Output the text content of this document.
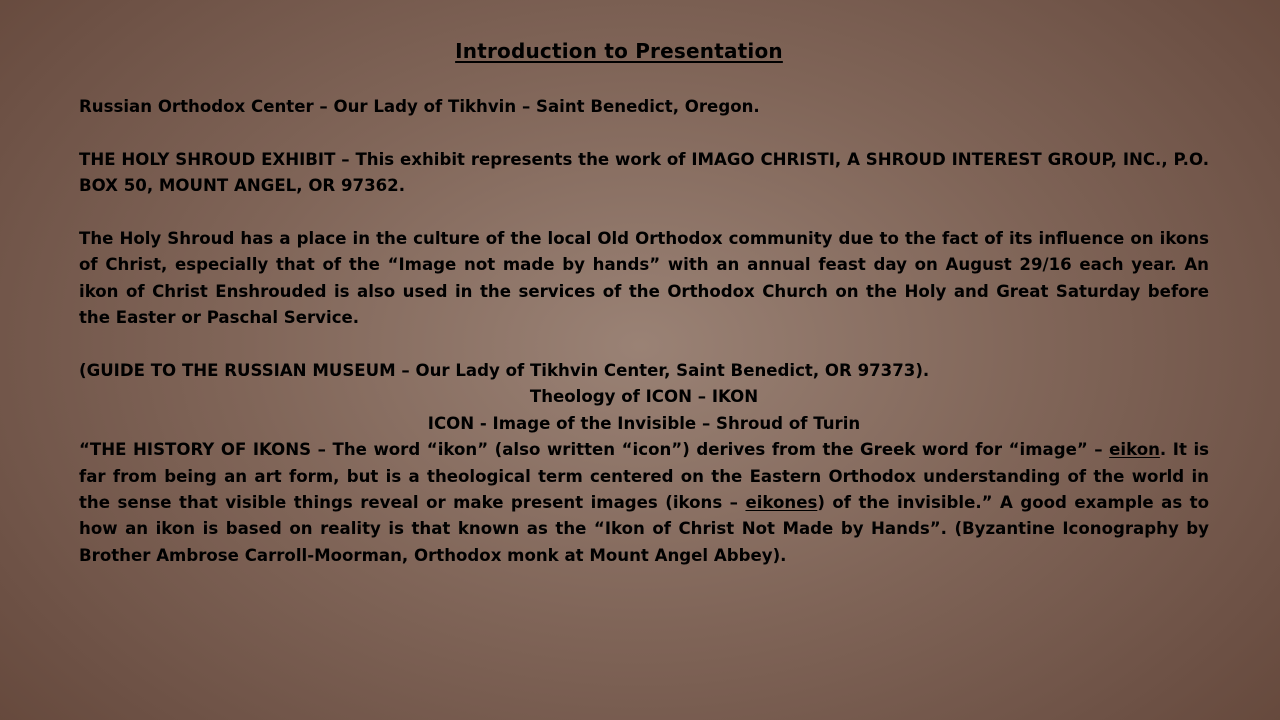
Introduction to Presentation

Russian Orthodox Center – Our Lady of Tikhvin – Saint Benedict, Oregon.

THE HOLY SHROUD EXHIBIT – This exhibit represents the work of IMAGO CHRISTI, A SHROUD INTEREST GROUP, INC., P.O. BOX 50, MOUNT ANGEL, OR 97362.

The Holy Shroud has a place in the culture of the local Old Orthodox community due to the fact of its influence on ikons of Christ, especially that of the “Image not made by hands” with an annual feast day on August 29/16 each year. An ikon of Christ Enshrouded is also used in the services of the Orthodox Church on the Holy and Great Saturday before the Easter or Paschal Service.

(GUIDE TO THE RUSSIAN MUSEUM – Our Lady of Tikhvin Center, Saint Benedict, OR 97373).

Theology of ICON – IKON

ICON - Image of the Invisible – Shroud of Turin

“THE HISTORY OF IKONS – The word “ikon” (also written “icon”) derives from the Greek word for “image” – eikon. It is far from being an art form, but is a theological term centered on the Eastern Orthodox understanding of the world in the sense that visible things reveal or make present images (ikons – eikones) of the invisible.” A good example as to how an ikon is based on reality is that known as the “Ikon of Christ Not Made by Hands”. (Byzantine Iconography by Brother Ambrose Carroll-Moorman, Orthodox monk at Mount Angel Abbey).
